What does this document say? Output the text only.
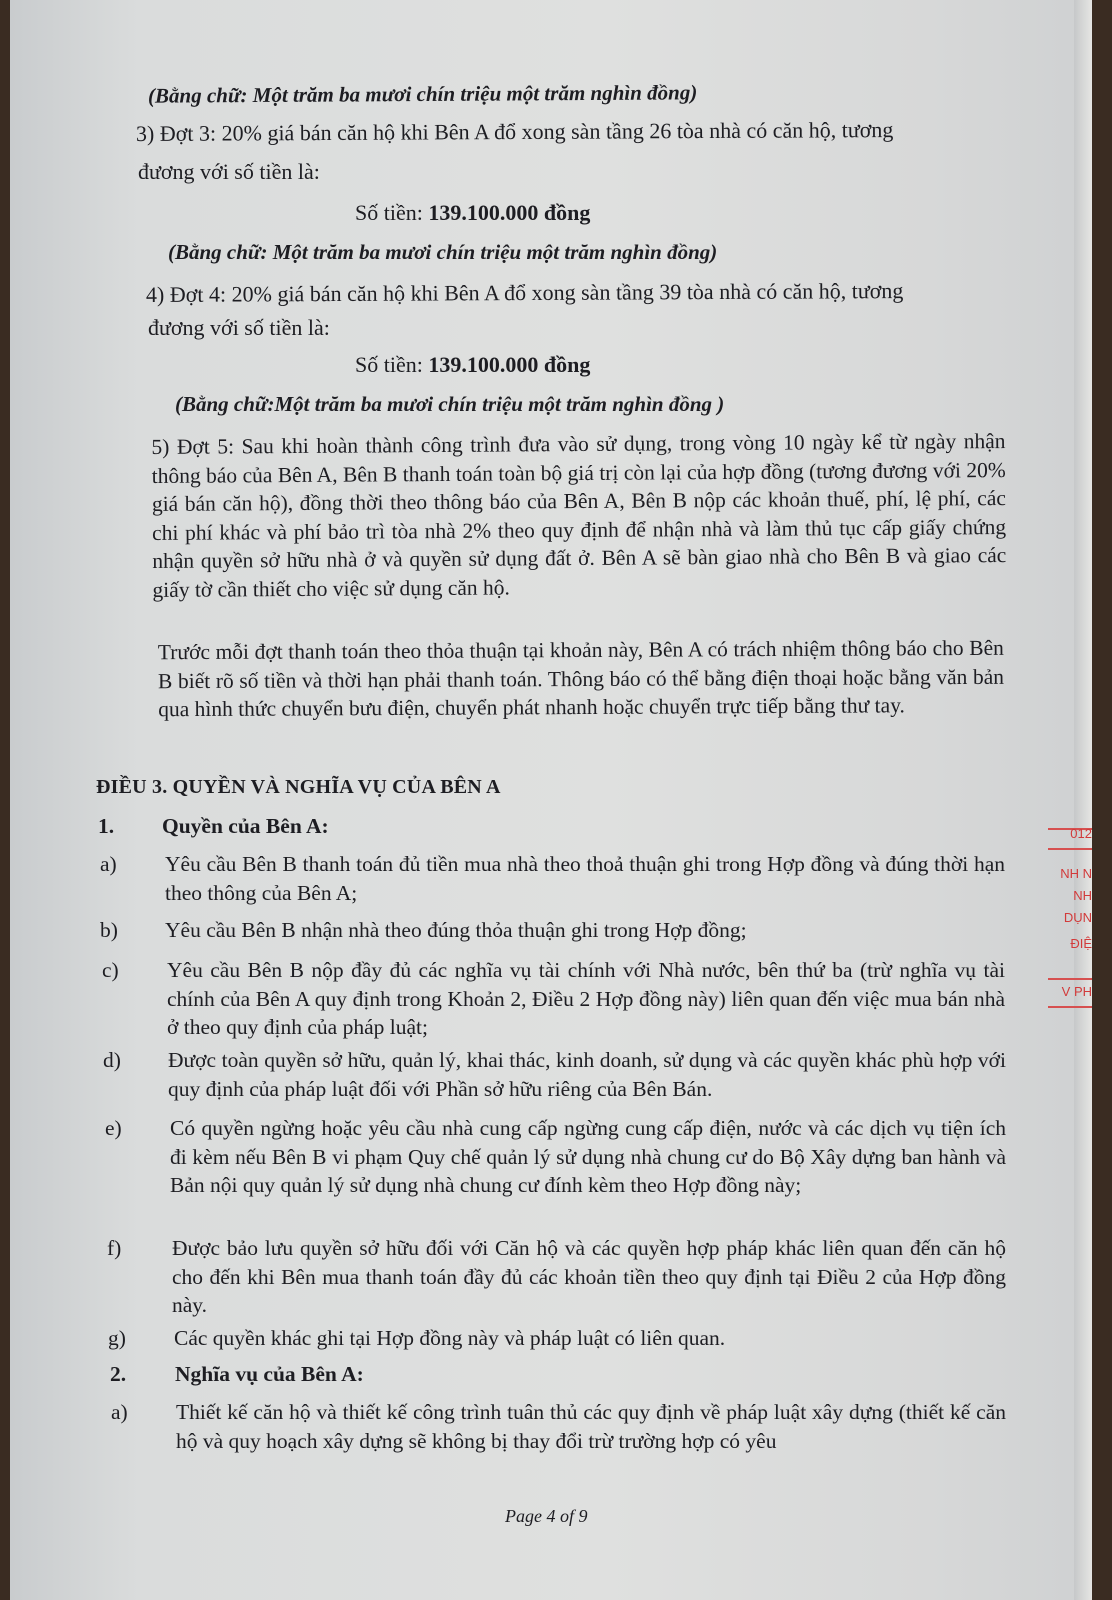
(Bằng chữ: Một trăm ba mươi chín triệu một trăm nghìn đồng)
3) Đợt 3: 20% giá bán căn hộ khi Bên A đổ xong sàn tầng 26 tòa nhà có căn hộ, tương
đương với số tiền là:
Số tiền: 139.100.000 đồng
(Bằng chữ: Một trăm ba mươi chín triệu một trăm nghìn đồng)
4) Đợt 4: 20% giá bán căn hộ khi Bên A đổ xong sàn tầng 39 tòa nhà có căn hộ, tương
đương với số tiền là:
Số tiền: 139.100.000 đồng
(Bằng chữ:Một trăm ba mươi chín triệu một trăm nghìn đồng )
5) Đợt 5: Sau khi hoàn thành công trình đưa vào sử dụng, trong vòng 10 ngày kể từ ngày nhận thông báo của Bên A, Bên B thanh toán toàn bộ giá trị còn lại của hợp đồng (tương đương với 20% giá bán căn hộ), đồng thời theo thông báo của Bên A, Bên B nộp các khoản thuế, phí, lệ phí, các chi phí khác và phí bảo trì tòa nhà 2% theo quy định để nhận nhà và làm thủ tục cấp giấy chứng nhận quyền sở hữu nhà ở và quyền sử dụng đất ở. Bên A sẽ bàn giao nhà cho Bên B và giao các giấy tờ cần thiết cho việc sử dụng căn hộ.
Trước mỗi đợt thanh toán theo thỏa thuận tại khoản này, Bên A có trách nhiệm thông báo cho Bên B biết rõ số tiền và thời hạn phải thanh toán. Thông báo có thể bằng điện thoại hoặc bằng văn bản qua hình thức chuyển bưu điện, chuyển phát nhanh hoặc chuyển trực tiếp bằng thư tay.
ĐIỀU 3. QUYỀN VÀ NGHĨA VỤ CỦA BÊN A
1. Quyền của Bên A:
a) Yêu cầu Bên B thanh toán đủ tiền mua nhà theo thoả thuận ghi trong Hợp đồng và đúng thời hạn theo thông của Bên A;
b) Yêu cầu Bên B nhận nhà theo đúng thỏa thuận ghi trong Hợp đồng;
c) Yêu cầu Bên B nộp đầy đủ các nghĩa vụ tài chính với Nhà nước, bên thứ ba (trừ nghĩa vụ tài chính của Bên A quy định trong Khoản 2, Điều 2 Hợp đồng này) liên quan đến việc mua bán nhà ở theo quy định của pháp luật;
d) Được toàn quyền sở hữu, quản lý, khai thác, kinh doanh, sử dụng và các quyền khác phù hợp với quy định của pháp luật đối với Phần sở hữu riêng của Bên Bán.
e) Có quyền ngừng hoặc yêu cầu nhà cung cấp ngừng cung cấp điện, nước và các dịch vụ tiện ích đi kèm nếu Bên B vi phạm Quy chế quản lý sử dụng nhà chung cư do Bộ Xây dựng ban hành và Bản nội quy quản lý sử dụng nhà chung cư đính kèm theo Hợp đồng này;
f) Được bảo lưu quyền sở hữu đối với Căn hộ và các quyền hợp pháp khác liên quan đến căn hộ cho đến khi Bên mua thanh toán đầy đủ các khoản tiền theo quy định tại Điều 2 của Hợp đồng này.
g) Các quyền khác ghi tại Hợp đồng này và pháp luật có liên quan.
2. Nghĩa vụ của Bên A:
a) Thiết kế căn hộ và thiết kế công trình tuân thủ các quy định về pháp luật xây dựng (thiết kế căn hộ và quy hoạch xây dựng sẽ không bị thay đổi trừ trường hợp có yêu
Page 4 of 9
012
NH N
NH
DỤN
ĐIỆ
V PH
